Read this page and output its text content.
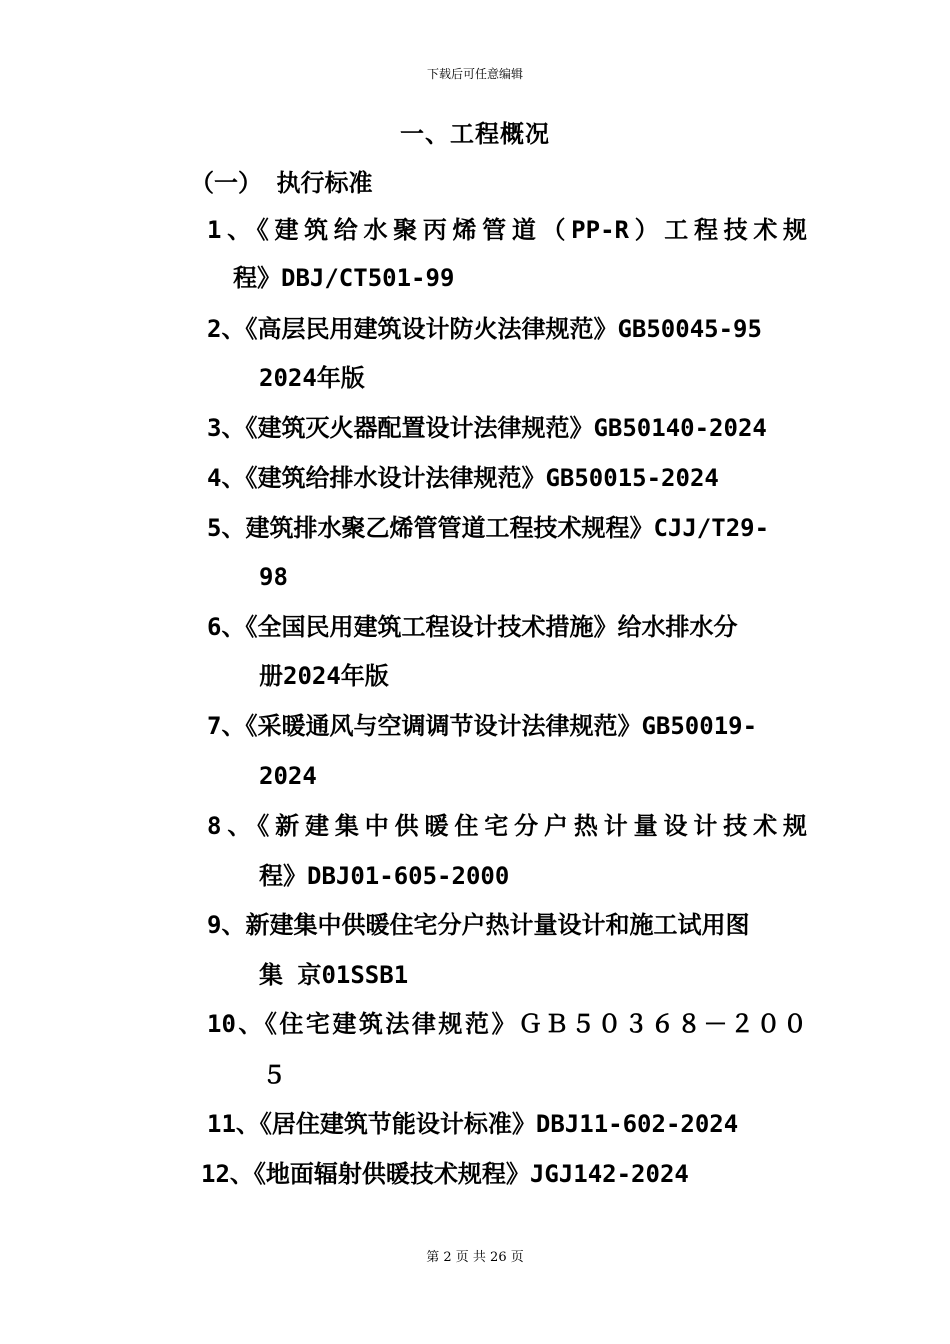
下载后可任意编辑
一、工程概况
（一） 执行标准
1、《建筑给水聚丙烯管道（PP-R）工程技术规
程》DBJ/CT501-99
2、《高层民用建筑设计防火法律规范》GB50045-95
2024年版
3、《建筑灭火器配置设计法律规范》GB50140-2024
4、《建筑给排水设计法律规范》GB50015-2024
5、建筑排水聚乙烯管管道工程技术规程》CJJ/T29-
98
6、《全国民用建筑工程设计技术措施》给水排水分
册2024年版
7、《采暖通风与空调调节设计法律规范》GB50019-
2024
8、《新建集中供暖住宅分户热计量设计技术规
程》DBJ01-605-2000
9、新建集中供暖住宅分户热计量设计和施工试用图
集 京01SSB1
10、《住宅建筑法律规范》ＧＢ５０３６８－２００
５
11、《居住建筑节能设计标准》DBJ11-602-2024
12、《地面辐射供暖技术规程》JGJ142-2024
第 2 页 共 26 页
